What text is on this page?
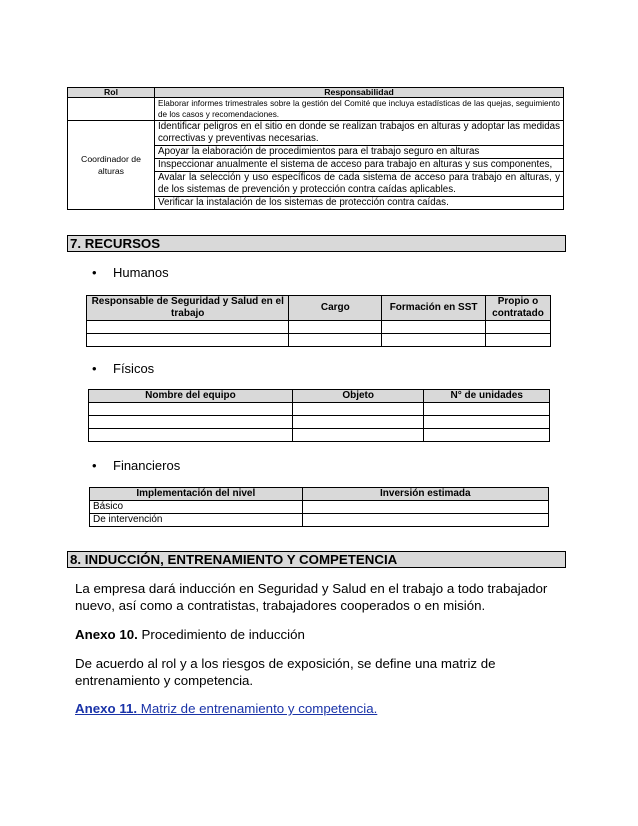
Rol	Responsabilidad

	Elaborar informes trimestrales sobre la gestión del Comité que incluya estadísticas de las quejas, seguimiento de los casos y recomendaciones.

Coordinador de alturas	Identificar peligros en el sitio en donde se realizan trabajos en alturas y adoptar las medidas correctivas y preventivas necesarias.

	Apoyar la elaboración de procedimientos para el trabajo seguro en alturas

	Inspeccionar anualmente el sistema de acceso para trabajo en alturas y sus componentes,

	Avalar la selección y uso específicos de cada sistema de acceso para trabajo en alturas, y de los sistemas de prevención y protección contra caídas aplicables.

	Verificar la instalación de los sistemas de protección contra caídas.
7. RECURSOS
• Humanos
Responsable de Seguridad y Salud en el trabajo	Cargo	Formación en SST	Propio o contratado

• Físicos
Nombre del equipo	Objeto	N° de unidades

• Financieros
Implementación del nivel	Inversión estimada
Básico	
De intervención	
8. INDUCCIÓN, ENTRENAMIENTO Y COMPETENCIA
La empresa dará inducción en Seguridad y Salud en el trabajo a todo trabajador nuevo, así como a contratistas, trabajadores cooperados o en misión.
Anexo 10. Procedimiento de inducción
De acuerdo al rol y a los riesgos de exposición, se define una matriz de entrenamiento y competencia.
Anexo 11. Matriz de entrenamiento y competencia.
